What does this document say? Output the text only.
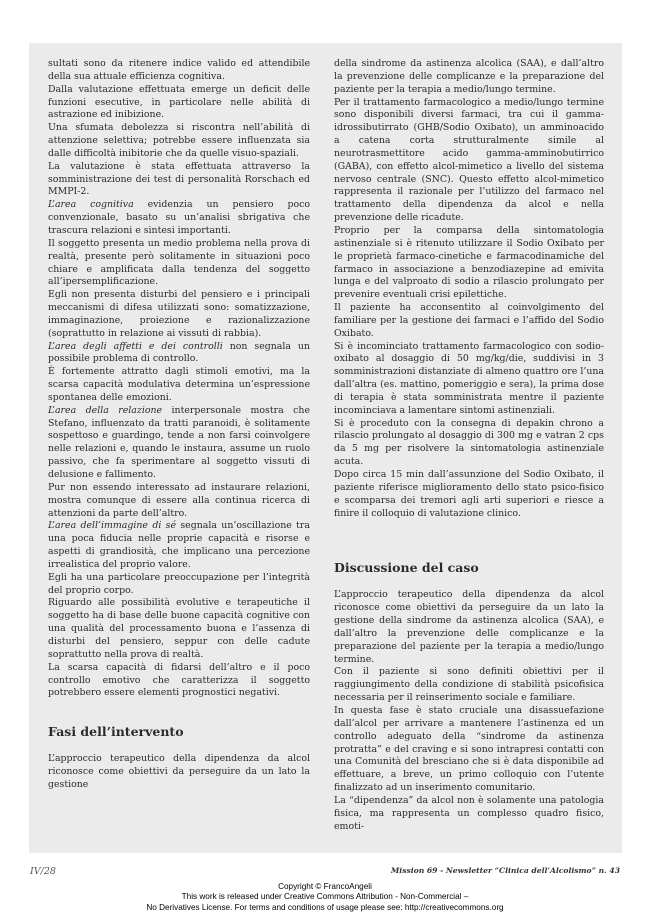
sultati sono da ritenere indice valido ed attendibile della sua attuale efficienza cognitiva.

Dalla valutazione effettuata emerge un deficit delle funzioni esecutive, in particolare nelle abilità di astrazione ed inibizione.

Una sfumata debolezza si riscontra nell’abilità di attenzione selettiva; potrebbe essere influenzata sia dalle difficoltà inibitorie che da quelle visuo-spaziali.

La valutazione è stata effettuata attraverso la somministrazione dei test di personalità Rorschach ed MMPI-2.

L’area cognitiva evidenzia un pensiero poco convenzionale, basato su un’analisi sbrigativa che trascura relazioni e sintesi importanti.

Il soggetto presenta un medio problema nella prova di realtà, presente però solitamente in situazioni poco chiare e amplificata dalla tendenza del soggetto all’ipersemplificazione.

Egli non presenta disturbi del pensiero e i principali meccanismi di difesa utilizzati sono: somatizzazione, immaginazione, proiezione e razionalizzazione (soprattutto in relazione ai vissuti di rabbia).

L’area degli affetti e dei controlli non segnala un possibile problema di controllo.

È fortemente attratto dagli stimoli emotivi, ma la scarsa capacità modulativa determina un’espressione spontanea delle emozioni.

L’area della relazione interpersonale mostra che Stefano, influenzato da tratti paranoidi, è solitamente sospettoso e guardingo, tende a non farsi coinvolgere nelle relazioni e, quando le instaura, assume un ruolo passivo, che fa sperimentare al soggetto vissuti di delusione e fallimento.

Pur non essendo interessato ad instaurare relazioni, mostra comunque di essere alla continua ricerca di attenzioni da parte dell’altro.

L’area dell’immagine di sé segnala un’oscillazione tra una poca fiducia nelle proprie capacità e risorse e aspetti di grandiosità, che implicano una percezione irrealistica del proprio valore.

Egli ha una particolare preoccupazione per l’integrità del proprio corpo.

Riguardo alle possibilità evolutive e terapeutiche il soggetto ha di base delle buone capacità cognitive con una qualità del processamento buona e l’assenza di disturbi del pensiero, seppur con delle cadute soprattutto nella prova di realtà.

La scarsa capacità di fidarsi dell’altro e il poco controllo emotivo che caratterizza il soggetto potrebbero essere elementi prognostici negativi.

Fasi dell’intervento

L’approccio terapeutico della dipendenza da alcol riconosce come obiettivi da perseguire da un lato la gestione

della sindrome da astinenza alcolica (SAA), e dall’altro la prevenzione delle complicanze e la preparazione del paziente per la terapia a medio/lungo termine.

Per il trattamento farmacologico a medio/lungo termine sono disponibili diversi farmaci, tra cui il gamma-idrossibutirrato (GHB/Sodio Oxibato), un amminoacido a catena corta strutturalmente simile al neurotrasmettitore acido gamma-amminobutirrico (GABA), con effetto alcol-mimetico a livello del sistema nervoso centrale (SNC). Questo effetto alcol-mimetico rappresenta il razionale per l’utilizzo del farmaco nel trattamento della dipendenza da alcol e nella prevenzione delle ricadute.

Proprio per la comparsa della sintomatologia astinenziale si è ritenuto utilizzare il Sodio Oxibato per le proprietà farmaco-cinetiche e farmacodinamiche del farmaco in associazione a benzodiazepine ad emivita lunga e del valproato di sodio a rilascio prolungato per prevenire eventuali crisi epilettiche.

Il paziente ha acconsentito al coinvolgimento del familiare per la gestione dei farmaci e l’affido del Sodio Oxibato.

Si è incominciato trattamento farmacologico con sodio-oxibato al dosaggio di 50 mg/kg/die, suddivisi in 3 somministrazioni distanziate di almeno quattro ore l’una dall’altra (es. mattino, pomeriggio e sera), la prima dose di terapia è stata somministrata mentre il paziente incominciava a lamentare sintomi astinenziali.

Si è proceduto con la consegna di depakin chrono a rilascio prolungato al dosaggio di 300 mg e vatran 2 cps da 5 mg per risolvere la sintomatologia astinenziale acuta.

Dopo circa 15 min dall’assunzione del Sodio Oxibato, il paziente riferisce miglioramento dello stato psico-fisico e scomparsa dei tremori agli arti superiori e riesce a finire il colloquio di valutazione clinico.

Discussione del caso

L’approccio terapeutico della dipendenza da alcol riconosce come obiettivi da perseguire da un lato la gestione della sindrome da astinenza alcolica (SAA), e dall’altro la prevenzione delle complicanze e la preparazione del paziente per la terapia a medio/lungo termine.

Con il paziente si sono definiti obiettivi per il raggiungimento della condizione di stabilità psicofisica necessaria per il reinserimento sociale e familiare.

In questa fase è stato cruciale una disassuefazione dall’alcol per arrivare a mantenere l’astinenza ed un controllo adeguato della “sindrome da astinenza protratta” e del craving e si sono intrapresi contatti con una Comunità del bresciano che si è data disponibile ad effettuare, a breve, un primo colloquio con l’utente finalizzato ad un inserimento comunitario.

La “dipendenza” da alcol non è solamente una patologia fisica, ma rappresenta un complesso quadro fisico, emoti-

IV/28	Mission 69 - Newsletter “Clinica dell’Alcolismo” n. 43
Copyright © FrancoAngeli
This work is released under Creative Commons Attribution - Non-Commercial –
No Derivatives License. For terms and conditions of usage please see: http://creativecommons.org
